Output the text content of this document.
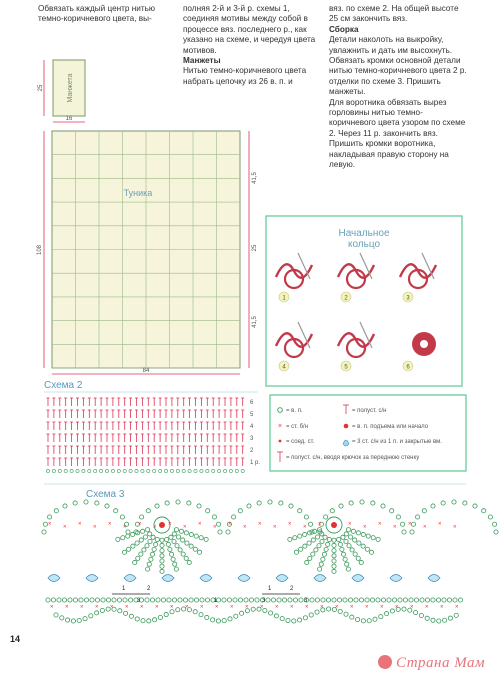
Обвязать каждый центр нитью темно-коричневого цвета, вы-
полняя 2-й и 3-й р. схемы 1, соединяя мотивы между собой в процессе вяз. последнего р., как указано на схеме, и чередуя цвета мотивов.
Манжеты
Нитью темно-коричневого цвета набрать цепочку из 26 в. п. и
вяз. по схеме 2. На общей высоте 25 см закончить вяз.
Сборка
Детали наколоть на выкройку, увлажнить и дать им высохнуть. Обвязать кромки основной детали нитью темно-коричневого цвета 2 р. отделки по схеме 3. Пришить манжеты.
Для воротника обвязать вырез горловины нитью темно-коричневого цвета узором по схеме 2. Через 11 р. закончить вяз. Пришить кромки воротника, накладывая правую сторону на левую.
Манжета
25
16
Туника
108
84
41,5
25
41,5
Начальное
кольцо
1	2	3
4	5	6
Схема 2
6
5
4
3
2
1 р.
= в. п.
× = ст. б/н
= соед. ст.
= полуст. с/н, вводя крючок за переднюю стенку
= полуст. с/н
= в. п. подъема или начало
= 3 ст. с/н из 1 п. и закрытые вм.
Схема 3
× × × × × × × × × × × × × × × × × × × × × × × × × × × ×
× × × × × × × × × × × × × × × × × × × × × × × × × × × ×
1	2
3	3
1	2
3
1
14
Страна Мам
